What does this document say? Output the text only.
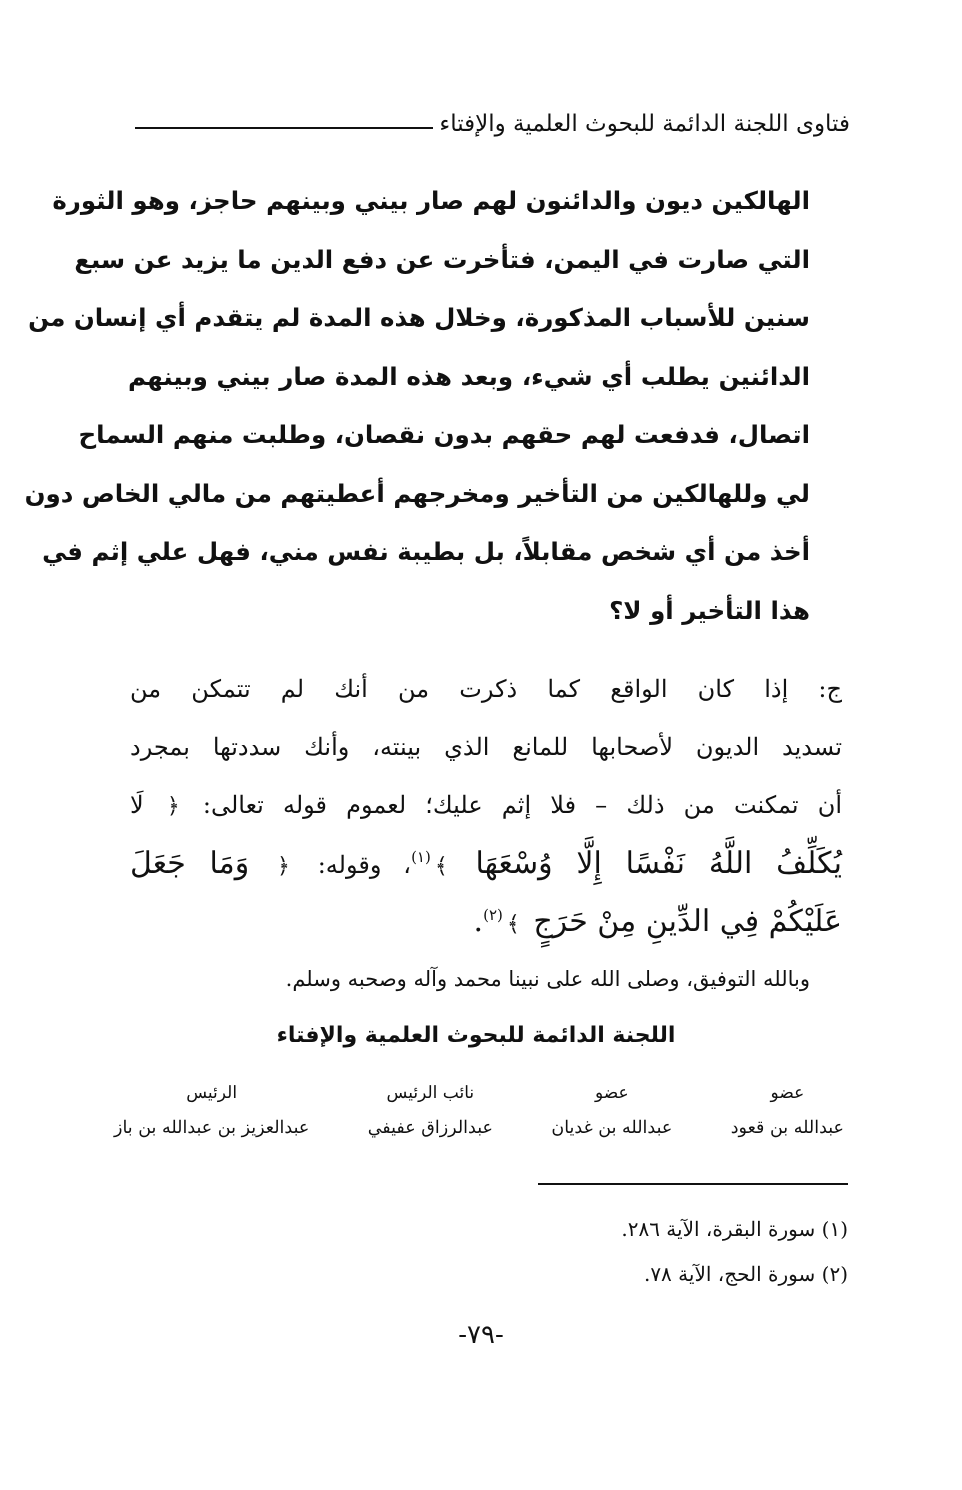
فتاوى اللجنة الدائمة للبحوث العلمية والإفتاء
الهالكين ديون والدائنون لهم صار بيني وبينهم حاجز، وهو الثورة
التي صارت في اليمن، فتأخرت عن دفع الدين ما يزيد عن سبع
سنين للأسباب المذكورة، وخلال هذه المدة لم يتقدم أي إنسان من
الدائنين يطلب أي شيء، وبعد هذه المدة صار بيني وبينهم
اتصال، فدفعت لهم حقهم بدون نقصان، وطلبت منهم السماح
لي وللهالكين من التأخير ومخرجهم أعطيتهم من مالي الخاص دون
أخذ من أي شخص مقابلاً، بل بطيبة نفس مني، فهل علي إثم في
هذا التأخير أو لا؟
ج: إذا كان الواقع كما ذكرت من أنك لم تتمكن من
تسديد الديون لأصحابها للمانع الذي بينته، وأنك سددتها بمجرد
أن تمكنت من ذلك – فلا إثم عليك؛ لعموم قوله تعالى: ﴿ لَا
يُكَلِّفُ اللَّهُ نَفْسًا إِلَّا وُسْعَهَا ﴾$^{(١)}$، وقوله: ﴿ وَمَا جَعَلَ
عَلَيْكُمْ فِي الدِّينِ مِنْ حَرَجٍ ﴾$^{(٢)}$.
وبالله التوفيق، وصلى الله على نبينا محمد وآله وصحبه وسلم.
اللجنة الدائمة للبحوث العلمية والإفتاء
عضو
عبدالله بن قعود
عضو
عبدالله بن غديان
نائب الرئيس
عبدالرزاق عفيفي
الرئيس
عبدالعزيز بن عبدالله بن باز
(١) سورة البقرة، الآية ٢٨٦.
(٢) سورة الحج، الآية ٧٨.
-٧٩-
